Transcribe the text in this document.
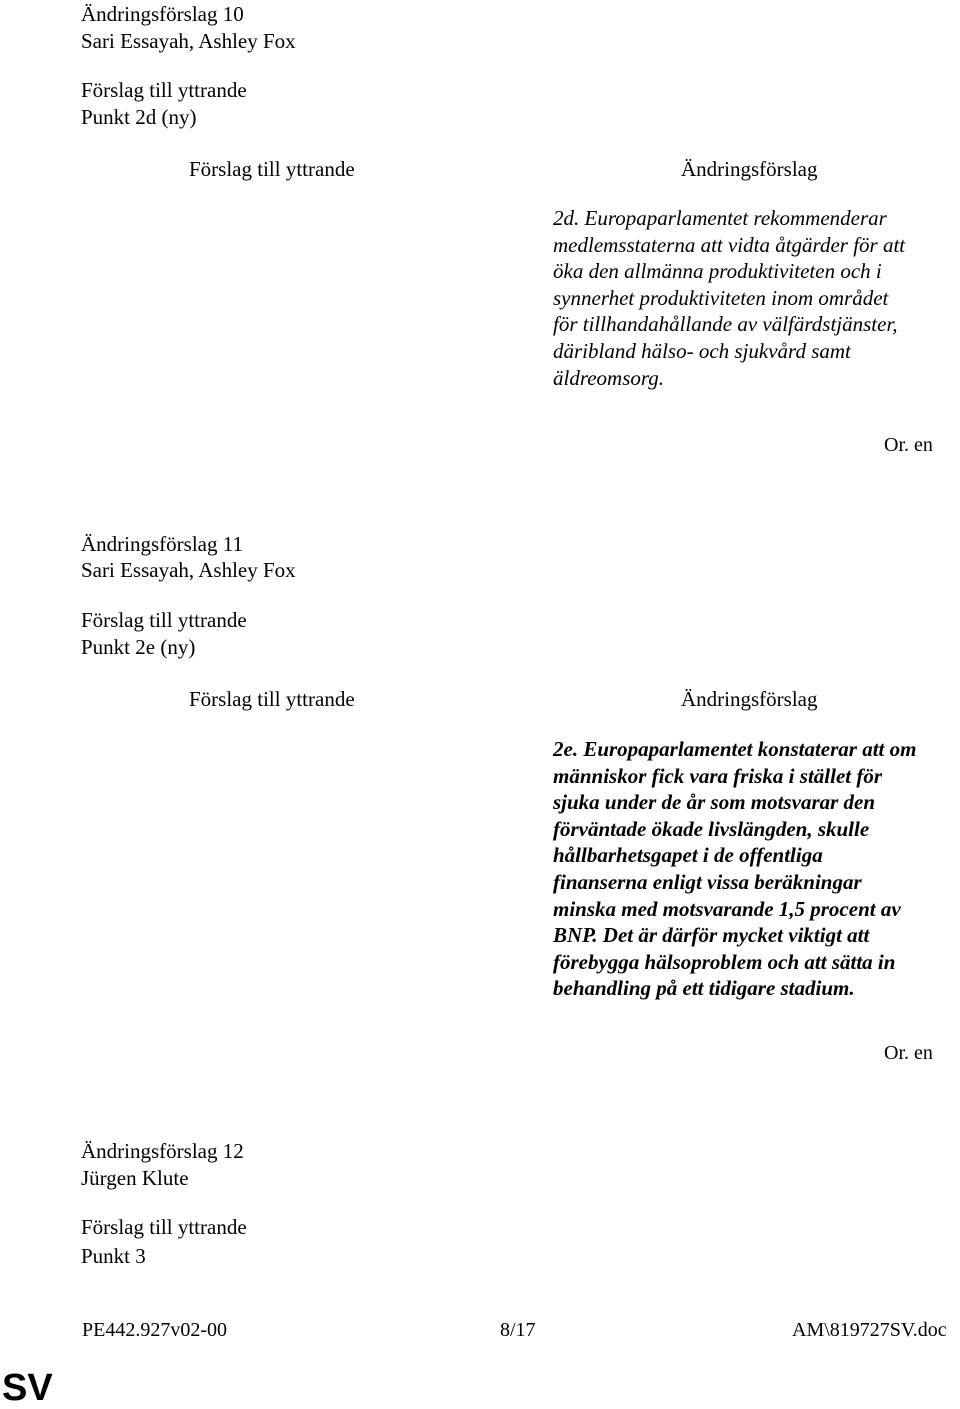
Ändringsförslag 10
Sari Essayah, Ashley Fox
Förslag till yttrande
Punkt 2d (ny)
Förslag till yttrande	Ändringsförslag
2d. Europaparlamentet rekommenderar
medlemsstaterna att vidta åtgärder för att
öka den allmänna produktiviteten och i
synnerhet produktiviteten inom området
för tillhandahållande av välfärdstjänster,
däribland hälso- och sjukvård samt
äldreomsorg.
Or. en
Ändringsförslag 11
Sari Essayah, Ashley Fox
Förslag till yttrande
Punkt 2e (ny)
Förslag till yttrande	Ändringsförslag
2e. Europaparlamentet konstaterar att om
människor fick vara friska i stället för
sjuka under de år som motsvarar den
förväntade ökade livslängden, skulle
hållbarhetsgapet i de offentliga
finanserna enligt vissa beräkningar
minska med motsvarande 1,5 procent av
BNP. Det är därför mycket viktigt att
förebygga hälsoproblem och att sätta in
behandling på ett tidigare stadium.
Or. en
Ändringsförslag 12
Jürgen Klute
Förslag till yttrande
Punkt 3
PE442.927v02-00	8/17	AM\819727SV.doc
SV
